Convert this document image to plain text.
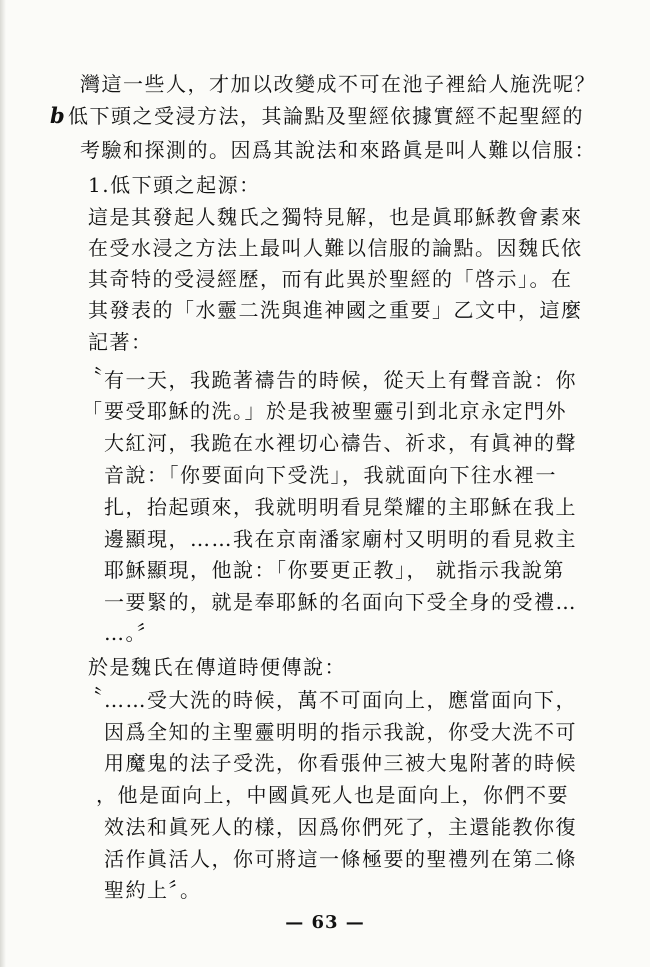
灣這一些人，才加以改變成不可在池子裡給人施洗呢？
b 低下頭之受浸方法，其論點及聖經依據實經不起聖經的
考驗和探測的。因爲其說法和來路眞是叫人難以信服：
1.低下頭之起源：
這是其發起人魏氏之獨特見解，也是眞耶穌教會素來
在受水浸之方法上最叫人難以信服的論點。因魏氏依
其奇特的受浸經歷，而有此異於聖經的「啓示」。在
其發表的「水靈二洗與進神國之重要」乙文中，這麼
記著：
〝 有一天，我跪著禱告的時候，從天上有聲音說：你
「 要受耶穌的洗。」於是我被聖靈引到北京永定門外
大紅河，我跪在水裡切心禱告、祈求，有眞神的聲
音說：「你要面向下受洗」，我就面向下往水裡一
扎，抬起頭來，我就明明看見榮耀的主耶穌在我上
邊顯現，……我在京南潘家廟村又明明的看見救主
耶穌顯現，他說：「你要更正教」， 就指示我說第
一要緊的，就是奉耶穌的名面向下受全身的受禮…
…。〞
於是魏氏在傳道時便傳說：
〝 ……受大洗的時候，萬不可面向上，應當面向下，
因爲全知的主聖靈明明的指示我說，你受大洗不可
用魔鬼的法子受洗，你看張仲三被大鬼附著的時候
，他是面向上，中國眞死人也是面向上，你們不要
效法和眞死人的樣，因爲你們死了，主還能教你復
活作眞活人，你可將這一條極要的聖禮列在第二條
聖約上〞。
— 63 —
